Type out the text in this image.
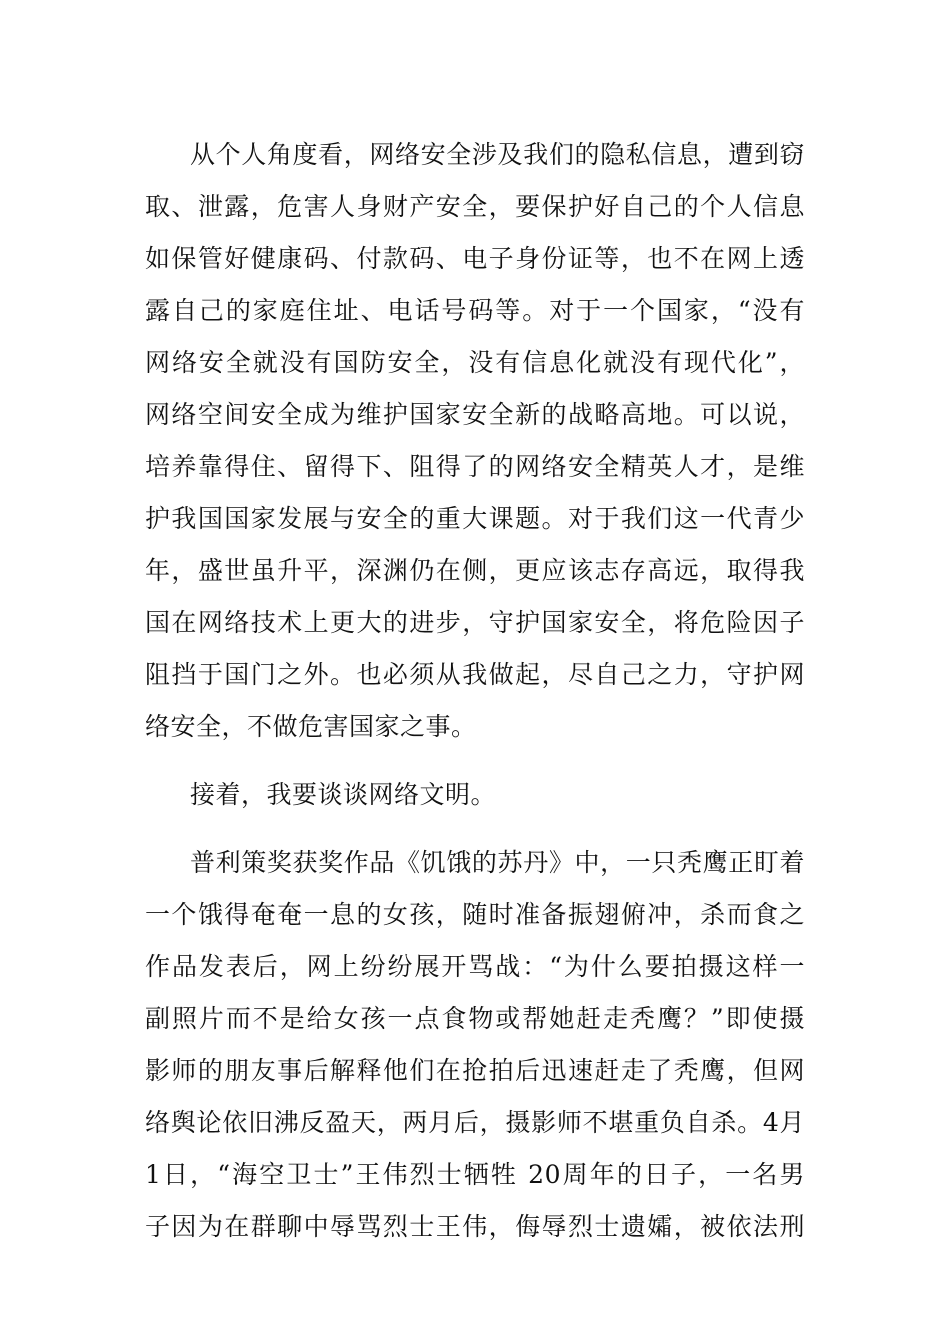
从个人角度看，网络安全涉及我们的隐私信息，遭到窃
取、泄露，危害人身财产安全，要保护好自己的个人信息
如保管好健康码、付款码、电子身份证等，也不在网上透
露自己的家庭住址、电话号码等。对于一个国家，“没有
网络安全就没有国防安全，没有信息化就没有现代化”，
网络空间安全成为维护国家安全新的战略高地。可以说，
培养靠得住、留得下、阻得了的网络安全精英人才，是维
护我国国家发展与安全的重大课题。对于我们这一代青少
年，盛世虽升平，深渊仍在侧，更应该志存高远，取得我
国在网络技术上更大的进步，守护国家安全，将危险因子
阻挡于国门之外。也必须从我做起，尽自己之力，守护网
络安全，不做危害国家之事。
接着，我要谈谈网络文明。
普利策奖获奖作品《饥饿的苏丹》中，一只秃鹰正盯着
一个饿得奄奄一息的女孩，随时准备振翅俯冲，杀而食之
作品发表后，网上纷纷展开骂战：“为什么要拍摄这样一
副照片而不是给女孩一点食物或帮她赶走秃鹰？”即使摄
影师的朋友事后解释他们在抢拍后迅速赶走了秃鹰，但网
络舆论依旧沸反盈天，两月后，摄影师不堪重负自杀。4月
1日，“海空卫士”王伟烈士牺牲 20周年的日子，一名男
子因为在群聊中辱骂烈士王伟，侮辱烈士遗孀，被依法刑
